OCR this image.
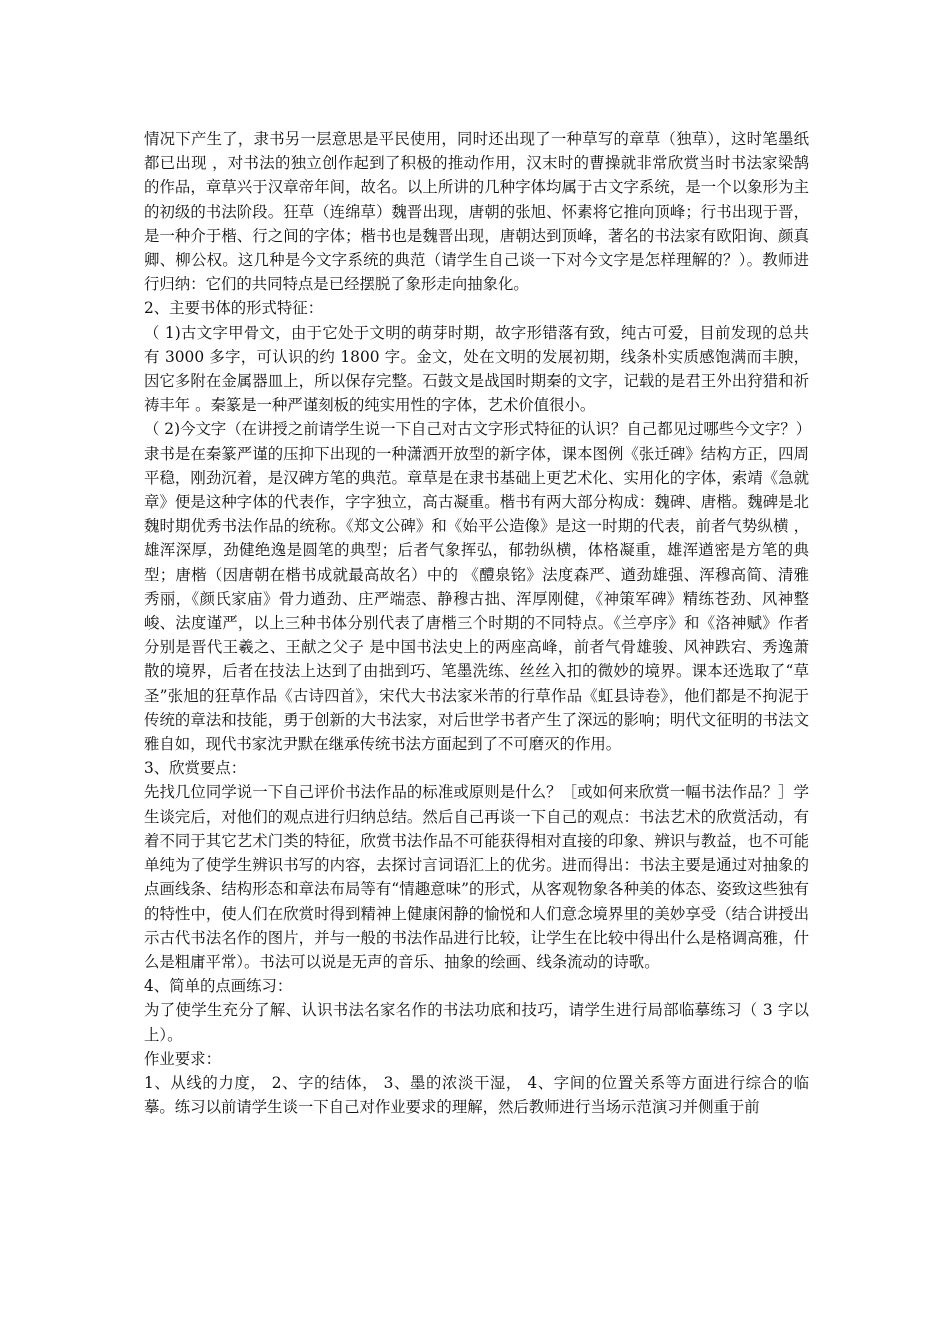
情况下产生了，隶书另一层意思是平民使用，同时还出现了一种草写的章草（独草），这时笔墨纸都已出现 ，对书法的独立创作起到了积极的推动作用，汉末时的曹操就非常欣赏当时书法家梁鹄的作品，章草兴于汉章帝年间，故名。以上所讲的几种字体均属于古文字系统，是一个以象形为主的初级的书法阶段。狂草（连绵草）魏晋出现，唐朝的张旭、怀素将它推向顶峰；行书出现于晋，是一种介于楷、行之间的字体；楷书也是魏晋出现，唐朝达到顶峰，著名的书法家有欧阳询、颜真卿、柳公权。这几种是今文字系统的典范（请学生自己谈一下对今文字是怎样理解的？）。教师进行归纳：它们的共同特点是已经摆脱了象形走向抽象化。

2、主要书体的形式特征：

（ 1)古文字甲骨文，由于它处于文明的萌芽时期，故字形错落有致，纯古可爱，目前发现的总共有 3000 多字，可认识的约 1800 字。金文，处在文明的发展初期，线条朴实质感饱满而丰腴，因它多附在金属器皿上，所以保存完整。石鼓文是战国时期秦的文字，记载的是君王外出狩猎和祈祷丰年 。秦篆是一种严谨刻板的纯实用性的字体，艺术价值很小。

（ 2)今文字（在讲授之前请学生说一下自己对古文字形式特征的认识？自己都见过哪些今文字？）

隶书是在秦篆严谨的压抑下出现的一种潇洒开放型的新字体，课本图例《张迁碑》结构方正，四周平稳，刚劲沉着，是汉碑方笔的典范。章草是在隶书基础上更艺术化、实用化的字体，索靖《急就章》便是这种字体的代表作，字字独立，高古凝重。楷书有两大部分构成：魏碑、唐楷。魏碑是北魏时期优秀书法作品的统称。《郑文公碑》和《始平公造像》是这一时期的代表，前者气势纵横 ， 雄浑深厚，劲健绝逸是圆笔的典型；后者气象挥弘，郁勃纵横，体格凝重，雄浑遒密是方笔的典型；唐楷（因唐朝在楷书成就最高故名）中的 《醴泉铭》法度森严、遒劲雄强、浑穆高简、清雅秀丽，《颜氏家庙》骨力遒劲、庄严端悫、静穆古拙、浑厚刚健，《神策军碑》精练苍劲、风神整峻、法度谨严，以上三种书体分别代表了唐楷三个时期的不同特点。《兰亭序》和《洛神赋》作者分别是晋代王羲之、王献之父子 是中国书法史上的两座高峰，前者气骨雄骏、风神跌宕、秀逸萧散的境界，后者在技法上达到了由拙到巧、笔墨洗练、丝丝入扣的微妙的境界。课本还选取了“草圣”张旭的狂草作品《古诗四首》，宋代大书法家米芾的行草作品《虹县诗卷》，他们都是不拘泥于传统的章法和技能，勇于创新的大书法家，对后世学书者产生了深远的影响；明代文征明的书法文雅自如，现代书家沈尹默在继承传统书法方面起到了不可磨灭的作用。

3、欣赏要点：

先找几位同学说一下自己评价书法作品的标准或原则是什么？［或如何来欣赏一幅书法作品？］学生谈完后，对他们的观点进行归纳总结。然后自己再谈一下自己的观点：书法艺术的欣赏活动，有着不同于其它艺术门类的特征，欣赏书法作品不可能获得相对直接的印象、辨识与教益，也不可能单纯为了使学生辨识书写的内容，去探讨言词语汇上的优劣。进而得出：书法主要是通过对抽象的点画线条、结构形态和章法布局等有“情趣意味”的形式，从客观物象各种美的体态、姿致这些独有的特性中，使人们在欣赏时得到精神上健康闲静的愉悦和人们意念境界里的美妙享受（结合讲授出示古代书法名作的图片，并与一般的书法作品进行比较，让学生在比较中得出什么是格调高雅，什么是粗庸平常）。书法可以说是无声的音乐、抽象的绘画、线条流动的诗歌。

4、简单的点画练习：

为了使学生充分了解、认识书法名家名作的书法功底和技巧，请学生进行局部临摹练习（ 3 字以上）。

作业要求：

1、从线的力度， 2、字的结体， 3、墨的浓淡干湿， 4、字间的位置关系等方面进行综合的临摹。练习以前请学生谈一下自己对作业要求的理解，然后教师进行当场示范演习并侧重于前
